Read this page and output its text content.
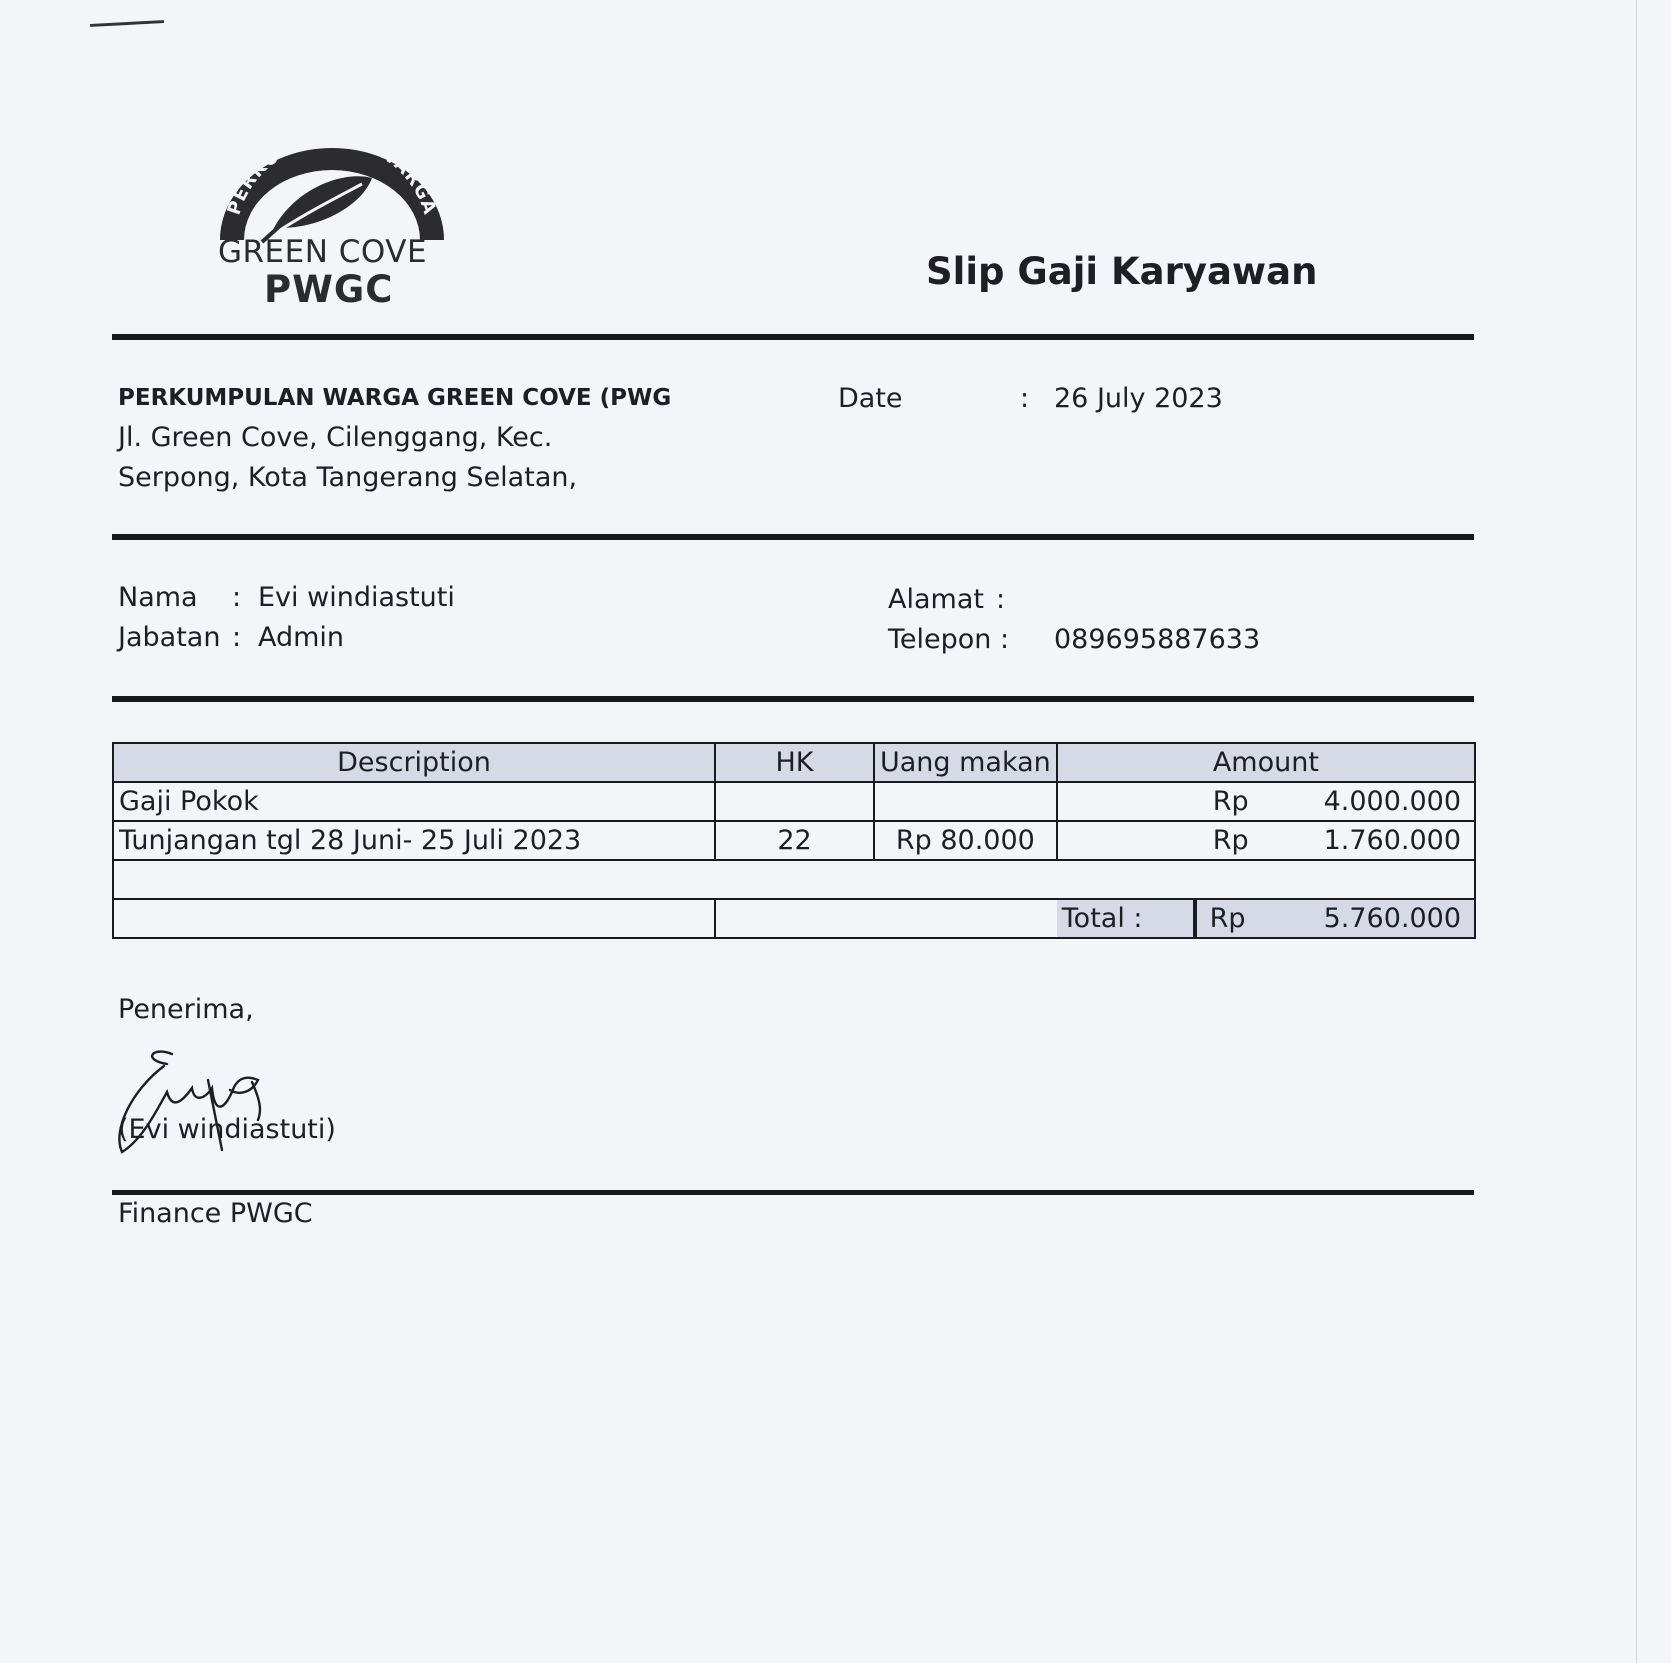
PERKUMPULAN WARGA
GREEN COVE
PWGC	Slip Gaji Karyawan
PERKUMPULAN WARGA GREEN COVE (PWG
Jl. Green Cove, Cilenggang, Kec.
Serpong, Kota Tangerang Selatan,
Date	: 26 July 2023
Nama : Evi windiastuti
Jabatan : Admin
Alamat :
Telepon : 089695887633
Description	HK	Uang makan	Amount	
Gaji Pokok			Rp 4.000.000	

Tunjangan tgl 28 Juni- 25 Juli 2023	22	Rp 80.000	Rp 1.760.000	

			Total :	Rp 5.760.000
Penerima,
(Evi windiastuti)
Finance PWGC
